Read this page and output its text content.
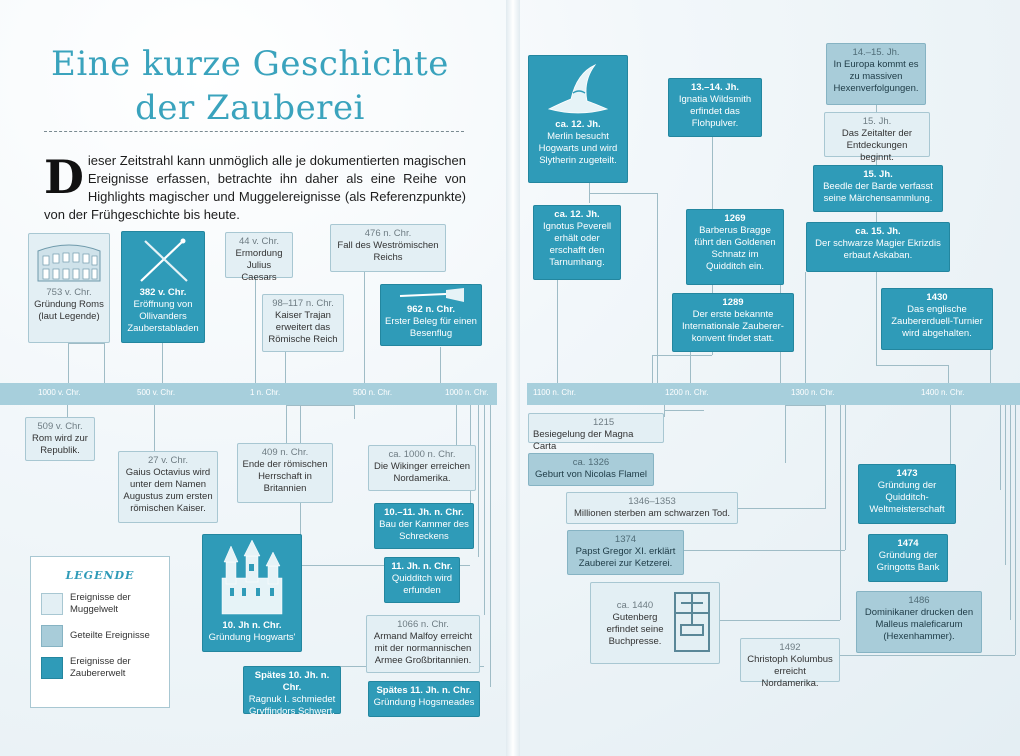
Eine kurze Geschichte der Zauberei
Dieser Zeitstrahl kann unmöglich alle je dokumentierten magischen Ereignisse erfassen, betrachte ihn daher als eine Reihe von Highlights magischer und Muggelereignisse (als Referenzpunkte) von der Frühgeschichte bis heute.
1000 v. Chr.	500 v. Chr.	1 n. Chr.	500 n. Chr.	1000 n. Chr.	1100 n. Chr.	1200 n. Chr.	1300 n. Chr.	1400 n. Chr.
753 v. Chr.
Gründung Roms (laut Legende)
382 v. Chr.
Eröffnung von Ollivanders Zauberstabladen
44 v. Chr.
Ermordung Julius Caesars
98–117 n. Chr.
Kaiser Trajan erweitert das Römische Reich
476 n. Chr.
Fall des Weströmischen Reichs
962 n. Chr.
Erster Beleg für einen Besenflug
509 v. Chr.
Rom wird zur Republik.
27 v. Chr.
Gaius Octavius wird unter dem Namen Augustus zum ersten römischen Kaiser.
409 n. Chr.
Ende der römischen Herrschaft in Britannien
ca. 1000 n. Chr.
Die Wikinger erreichen Nordamerika.
10.–11. Jh. n. Chr.
Bau der Kammer des Schreckens
11. Jh. n. Chr.
Quidditch wird erfunden
10. Jh n. Chr.
Gründung Hogwarts'
1066 n. Chr.
Armand Malfoy erreicht mit der normannischen Armee Großbritannien.
Spätes 10. Jh. n. Chr.
Ragnuk I. schmiedet Gryffindors Schwert.
Spätes 11. Jh. n. Chr.
Gründung Hogsmeades
LEGENDE
Ereignisse der Muggelwelt
Geteilte Ereignisse
Ereignisse der Zaubererwelt
ca. 12. Jh.
Merlin besucht Hogwarts und wird Slytherin zugeteilt.
ca. 12. Jh.
Ignotus Peverell erhält oder erschafft den Tarnumhang.
13.–14. Jh.
Ignatia Wildsmith erfindet das Flohpulver.
1269
Barberus Bragge führt den Goldenen Schnatz im Quidditch ein.
1289
Der erste bekannte Internationale Zauberer-konvent findet statt.
14.–15. Jh.
In Europa kommt es zu massiven Hexenverfolgungen.
15. Jh.
Das Zeitalter der Entdeckungen beginnt.
15. Jh.
Beedle der Barde verfasst seine Märchensammlung.
ca. 15. Jh.
Der schwarze Magier Ekrizdis erbaut Askaban.
1430
Das englische Zaubererduell-Turnier wird abgehalten.
1215
Besiegelung der Magna Carta
ca. 1326
Geburt von Nicolas Flamel
1346–1353
Millionen sterben am schwarzen Tod.
1374
Papst Gregor XI. erklärt Zauberei zur Ketzerei.
ca. 1440
Gutenberg erfindet seine Buchpresse.
1492
Christoph Kolumbus erreicht Nordamerika.
1473
Gründung der Quidditch-Weltmeisterschaft
1474
Gründung der Gringotts Bank
1486
Dominikaner drucken den Malleus maleficarum (Hexenhammer).
